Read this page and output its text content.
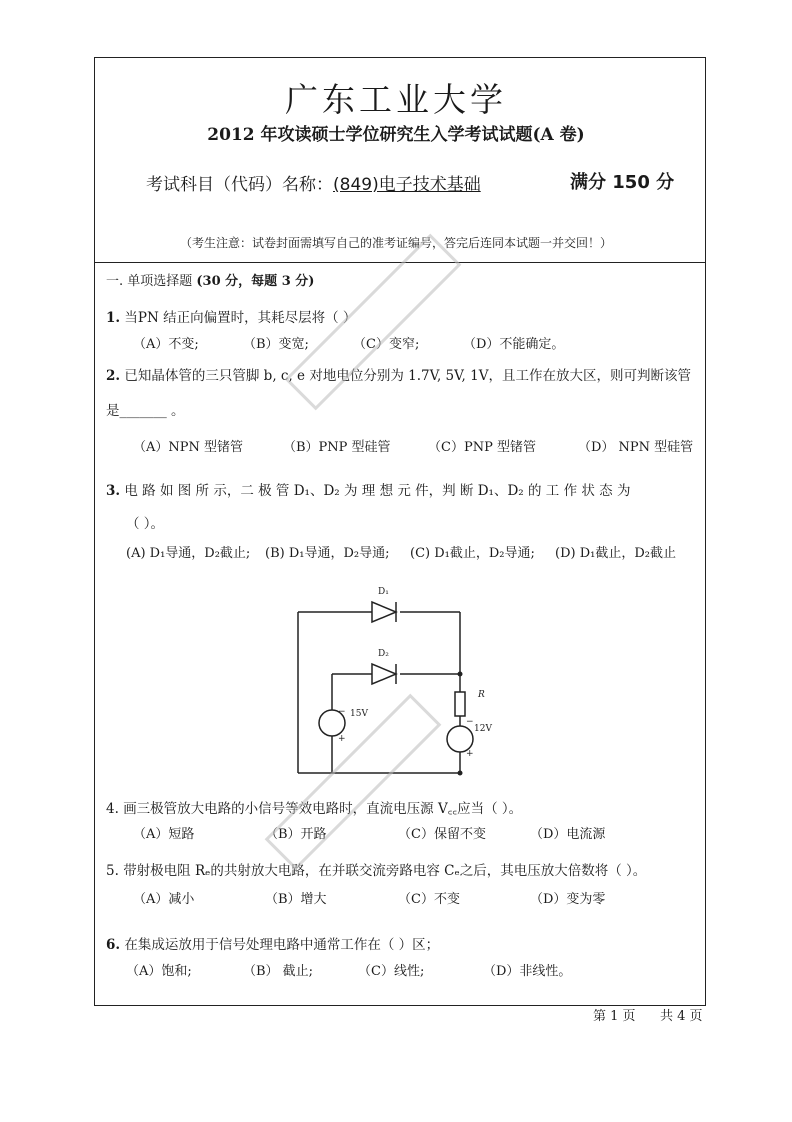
广东工业大学
2012 年攻读硕士学位研究生入学考试试题(A 卷)
考试科目（代码）名称：(849)电子技术基础	满分 150 分
（考生注意：试卷封面需填写自己的准考证编号，答完后连同本试题一并交回！）
一. 单项选择题 (30 分，每题 3 分)
1. 当PN 结正向偏置时，其耗尽层将（ ）
（A）不变;	（B）变宽;	（C）变窄;	（D）不能确定。
2. 已知晶体管的三只管脚 b, c, e 对地电位分别为 1.7V, 5V, 1V，且工作在放大区，则可判断该管
是_______ 。
（A）NPN 型锗管	（B）PNP 型硅管	（C）PNP 型锗管	（D） NPN 型硅管
3. 电 路 如 图 所 示，二 极 管 D₁、D₂ 为 理 想 元 件，判 断 D₁、D₂ 的 工 作 状 态 为
（ ）。
(A) D₁导通，D₂截止; (B) D₁导通，D₂导通; (C) D₁截止，D₂导通; (D) D₁截止，D₂截止
D₁
D₂
R
− 15V
+
−
12V
+
4. 画三极管放大电路的小信号等效电路时，直流电压源 V꜀꜀应当（ ）。
（A）短路	（B）开路	（C）保留不变	（D）电流源
5. 带射极电阻 Rₑ的共射放大电路，在并联交流旁路电容 Cₑ之后，其电压放大倍数将（ ）。
（A）减小	（B）增大	（C）不变	（D）变为零
6. 在集成运放用于信号处理电路中通常工作在（ ）区；
（A）饱和;	（B） 截止;	（C）线性;	（D）非线性。
第 1 页 共 4 页
